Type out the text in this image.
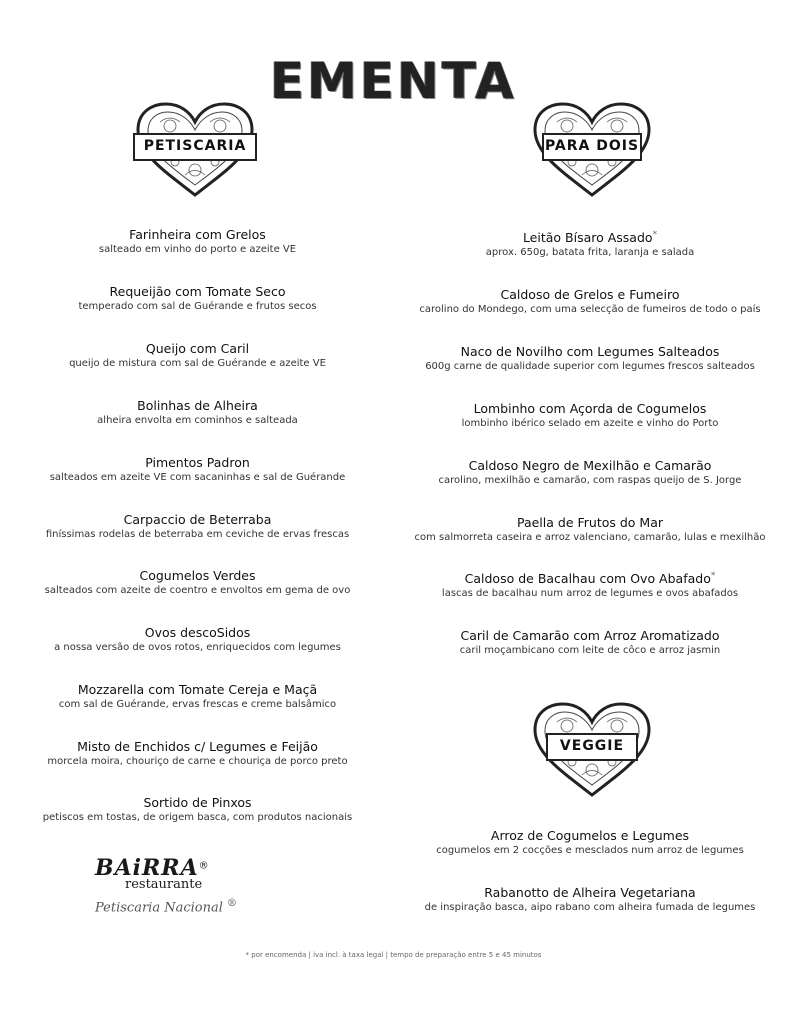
EMENTA
PETISCARIA	PARA DOIS
VEGGIE
Farinheira com Grelos
salteado em vinho do porto e azeite VE
Requeijão com Tomate Seco
temperado com sal de Guérande e frutos secos
Queijo com Caril
queijo de mistura com sal de Guérande e azeite VE
Bolinhas de Alheira
alheira envolta em cominhos e salteada
Pimentos Padron
salteados em azeite VE com sacaninhas e sal de Guérande
Carpaccio de Beterraba
finíssimas rodelas de beterraba em ceviche de ervas frescas
Cogumelos Verdes
salteados com azeite de coentro e envoltos em gema de ovo
Ovos descoSidos
a nossa versão de ovos rotos, enriquecidos com legumes
Mozzarella com Tomate Cereja e Maçã
com sal de Guérande, ervas frescas e creme balsâmico
Misto de Enchidos c/ Legumes e Feijão
morcela moira, chouriço de carne e chouriça de porco preto
Sortido de Pinxos
petiscos em tostas, de origem basca, com produtos nacionais
Leitão Bísaro Assado*
aprox. 650g, batata frita, laranja e salada
Caldoso de Grelos e Fumeiro
carolino do Mondego, com uma selecção de fumeiros de todo o país
Naco de Novilho com Legumes Salteados
600g carne de qualidade superior com legumes frescos salteados
Lombinho com Açorda de Cogumelos
lombinho ibérico selado em azeite e vinho do Porto
Caldoso Negro de Mexilhão e Camarão
carolino, mexilhão e camarão, com raspas queijo de S. Jorge
Paella de Frutos do Mar
com salmorreta caseira e arroz valenciano, camarão, lulas e mexilhão
Caldoso de Bacalhau com Ovo Abafado*
lascas de bacalhau num arroz de legumes e ovos abafados
Caril de Camarão com Arroz Aromatizado
caril moçambicano com leite de côco e arroz jasmin
Arroz de Cogumelos e Legumes
cogumelos em 2 cocções e mesclados num arroz de legumes
Rabanotto de Alheira Vegetariana
de inspiração basca, aipo rabano com alheira fumada de legumes
BAiRRA®
restaurante
Petiscaria Nacional ®
* por encomenda | iva incl. à taxa legal | tempo de preparação entre 5 e 45 minutos
